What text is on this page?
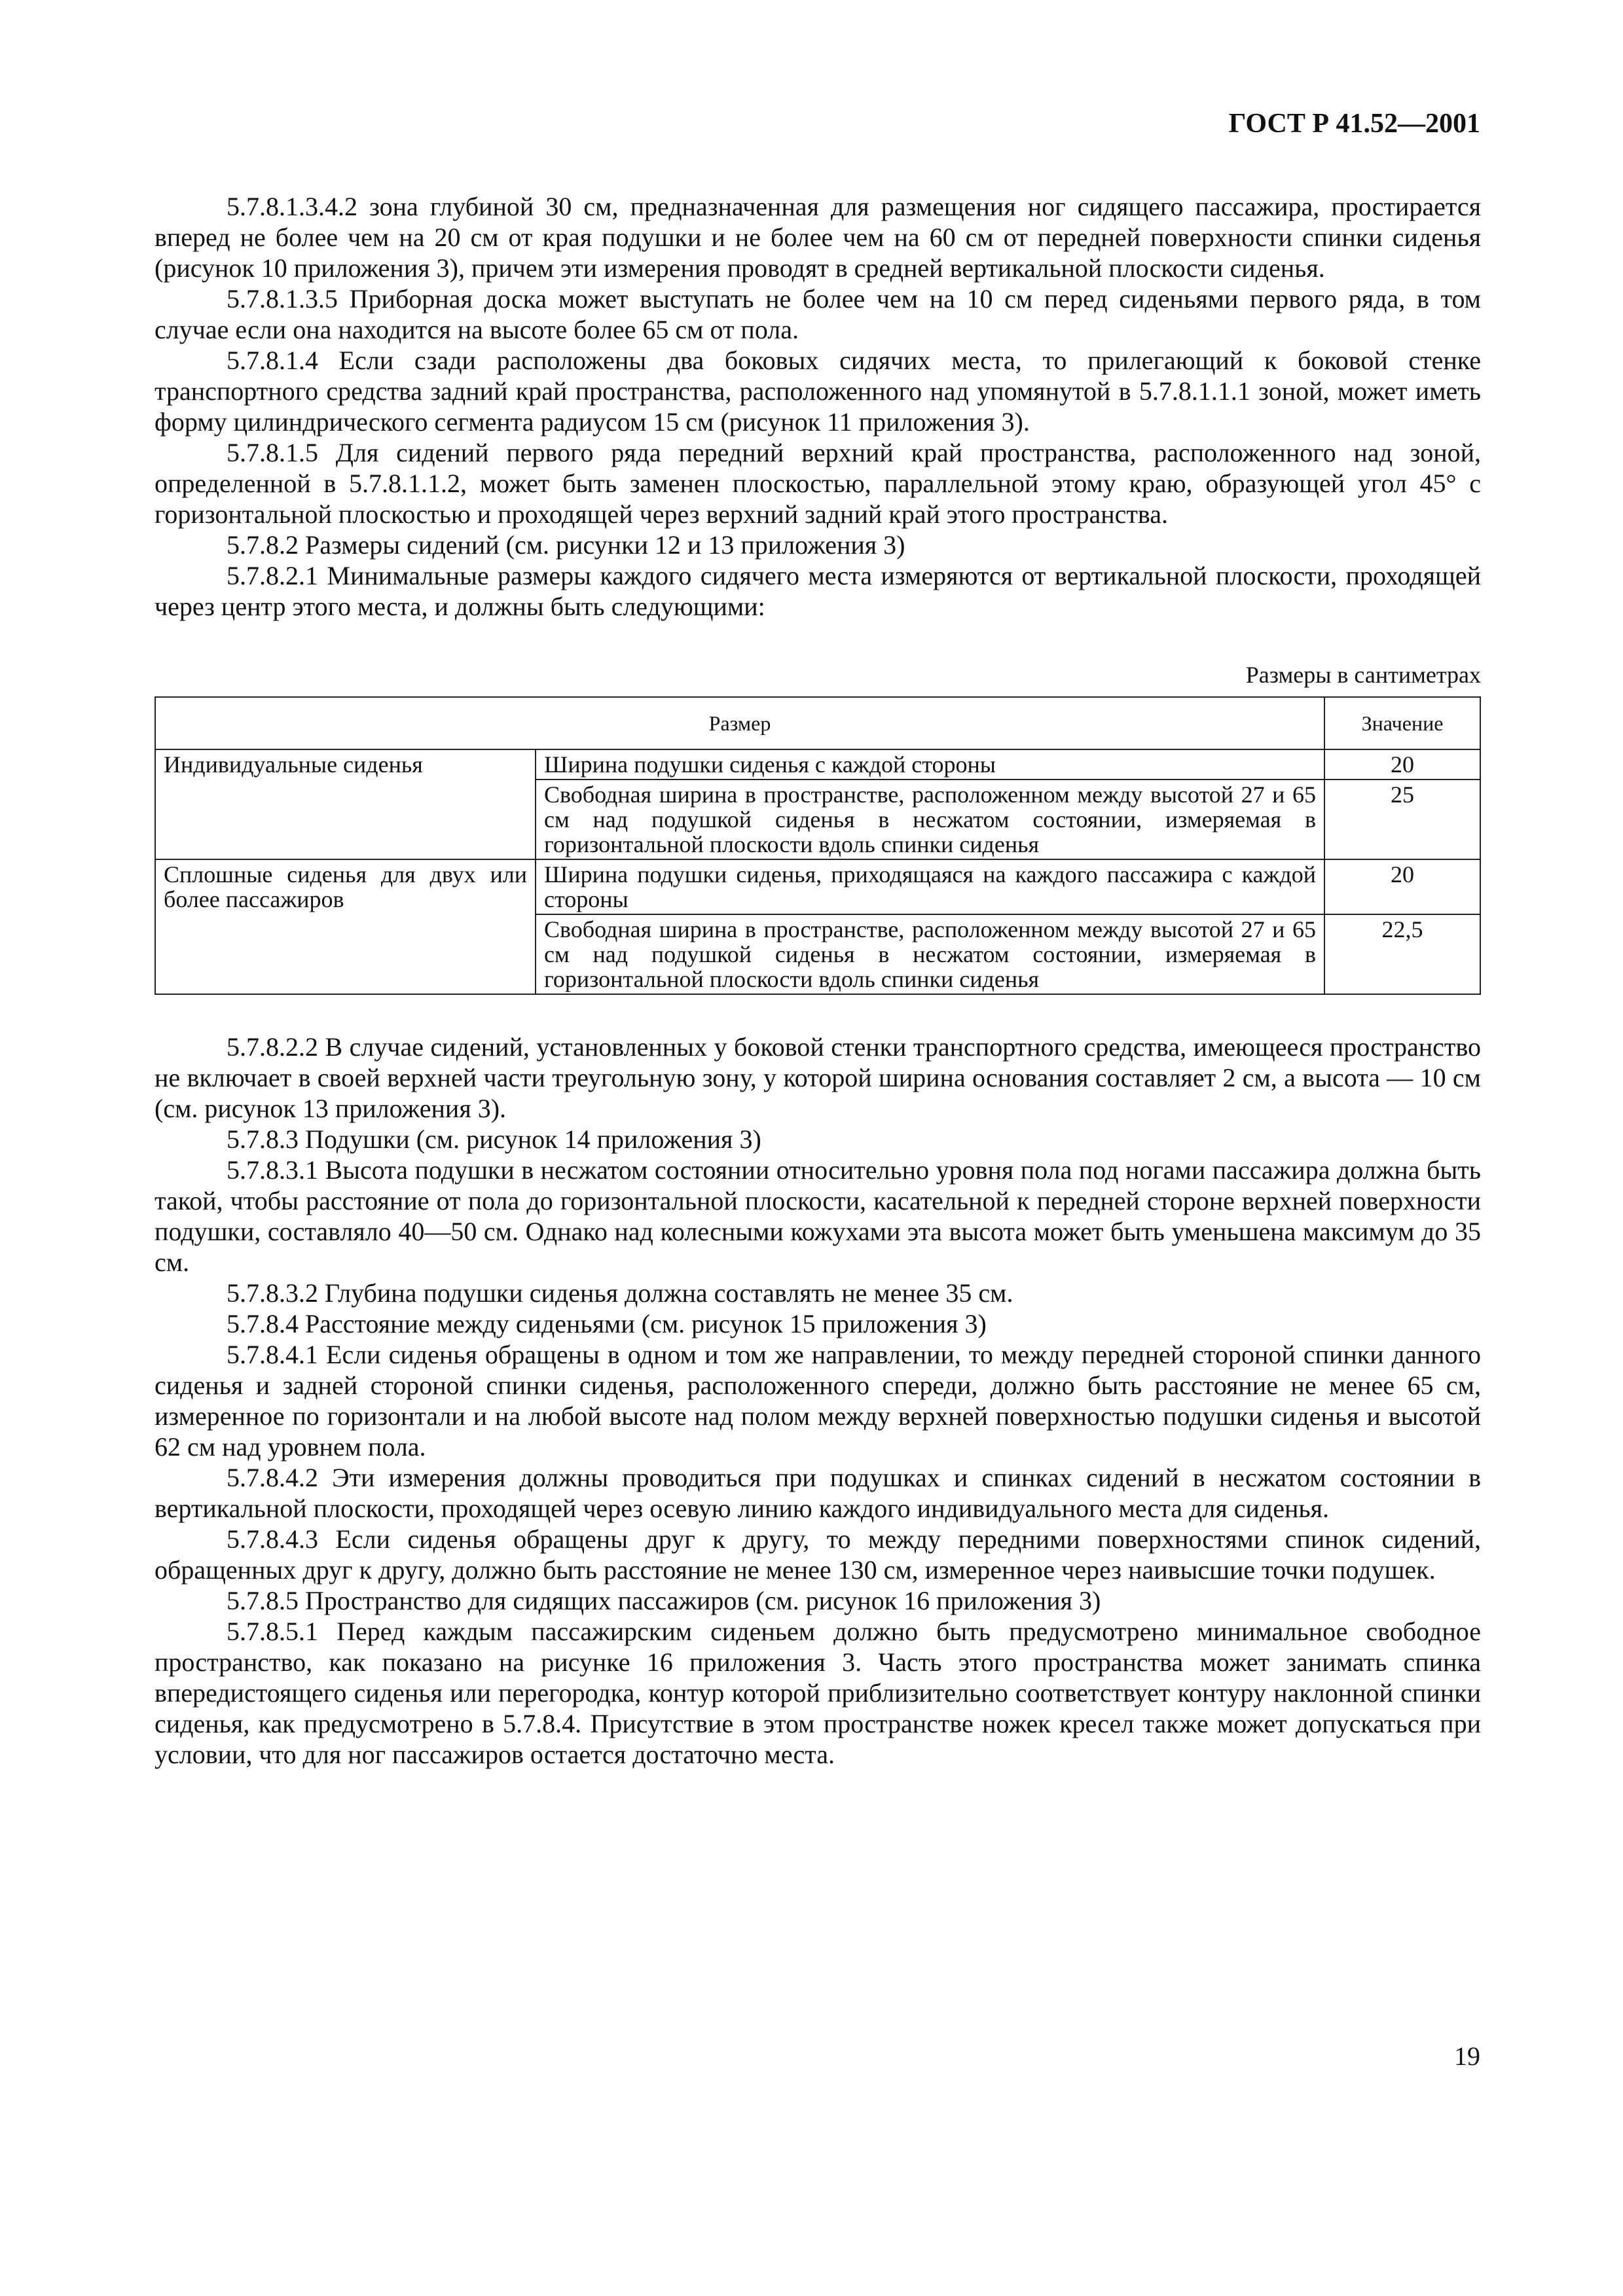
ГОСТ Р 41.52—2001

5.7.8.1.3.4.2 зона глубиной 30 см, предназначенная для размещения ног сидящего пассажира, простирается вперед не более чем на 20 см от края подушки и не более чем на 60 см от передней поверхности спинки сиденья (рисунок 10 приложения 3), причем эти измерения проводят в средней вертикальной плоскости сиденья.

5.7.8.1.3.5 Приборная доска может выступать не более чем на 10 см перед сиденьями первого ряда, в том случае если она находится на высоте более 65 см от пола.

5.7.8.1.4 Если сзади расположены два боковых сидячих места, то прилегающий к боковой стенке транспортного средства задний край пространства, расположенного над упомянутой в 5.7.8.1.1.1 зоной, может иметь форму цилиндрического сегмента радиусом 15 см (рисунок 11 приложения 3).

5.7.8.1.5 Для сидений первого ряда передний верхний край пространства, расположенного над зоной, определенной в 5.7.8.1.1.2, может быть заменен плоскостью, параллельной этому краю, образующей угол 45° с горизонтальной плоскостью и проходящей через верхний задний край этого пространства.

5.7.8.2 Размеры сидений (см. рисунки 12 и 13 приложения 3)

5.7.8.2.1 Минимальные размеры каждого сидячего места измеряются от вертикальной плоскости, проходящей через центр этого места, и должны быть следующими:

Размеры в сантиметрах
Размер		Значение
Индивидуальные сиденья	Ширина подушки сиденья с каждой стороны	20
	Свободная ширина в пространстве, расположенном между высотой 27 и 65 см над подушкой сиденья в несжатом состоянии, измеряемая в горизонтальной плоскости вдоль спинки сиденья	25
Сплошные сиденья для двух или более пассажиров	Ширина подушки сиденья, приходящаяся на каждого пассажира с каждой стороны	20
	Свободная ширина в пространстве, расположенном между высотой 27 и 65 см над подушкой сиденья в несжатом состоянии, измеряемая в горизонтальной плоскости вдоль спинки сиденья	22,5

5.7.8.2.2 В случае сидений, установленных у боковой стенки транспортного средства, имеющееся пространство не включает в своей верхней части треугольную зону, у которой ширина основания составляет 2 см, а высота — 10 см (см. рисунок 13 приложения 3).

5.7.8.3 Подушки (см. рисунок 14 приложения 3)

5.7.8.3.1 Высота подушки в несжатом состоянии относительно уровня пола под ногами пассажира должна быть такой, чтобы расстояние от пола до горизонтальной плоскости, касательной к передней стороне верхней поверхности подушки, составляло 40—50 см. Однако над колесными кожухами эта высота может быть уменьшена максимум до 35 см.

5.7.8.3.2 Глубина подушки сиденья должна составлять не менее 35 см.

5.7.8.4 Расстояние между сиденьями (см. рисунок 15 приложения 3)

5.7.8.4.1 Если сиденья обращены в одном и том же направлении, то между передней стороной спинки данного сиденья и задней стороной спинки сиденья, расположенного спереди, должно быть расстояние не менее 65 см, измеренное по горизонтали и на любой высоте над полом между верхней поверхностью подушки сиденья и высотой 62 см над уровнем пола.

5.7.8.4.2 Эти измерения должны проводиться при подушках и спинках сидений в несжатом состоянии в вертикальной плоскости, проходящей через осевую линию каждого индивидуального места для сиденья.

5.7.8.4.3 Если сиденья обращены друг к другу, то между передними поверхностями спинок сидений, обращенных друг к другу, должно быть расстояние не менее 130 см, измеренное через наивысшие точки подушек.

5.7.8.5 Пространство для сидящих пассажиров (см. рисунок 16 приложения 3)

5.7.8.5.1 Перед каждым пассажирским сиденьем должно быть предусмотрено минимальное свободное пространство, как показано на рисунке 16 приложения 3. Часть этого пространства может занимать спинка впередистоящего сиденья или перегородка, контур которой приблизительно соответствует контуру наклонной спинки сиденья, как предусмотрено в 5.7.8.4. Присутствие в этом пространстве ножек кресел также может допускаться при условии, что для ног пассажиров остается достаточно места.

19
